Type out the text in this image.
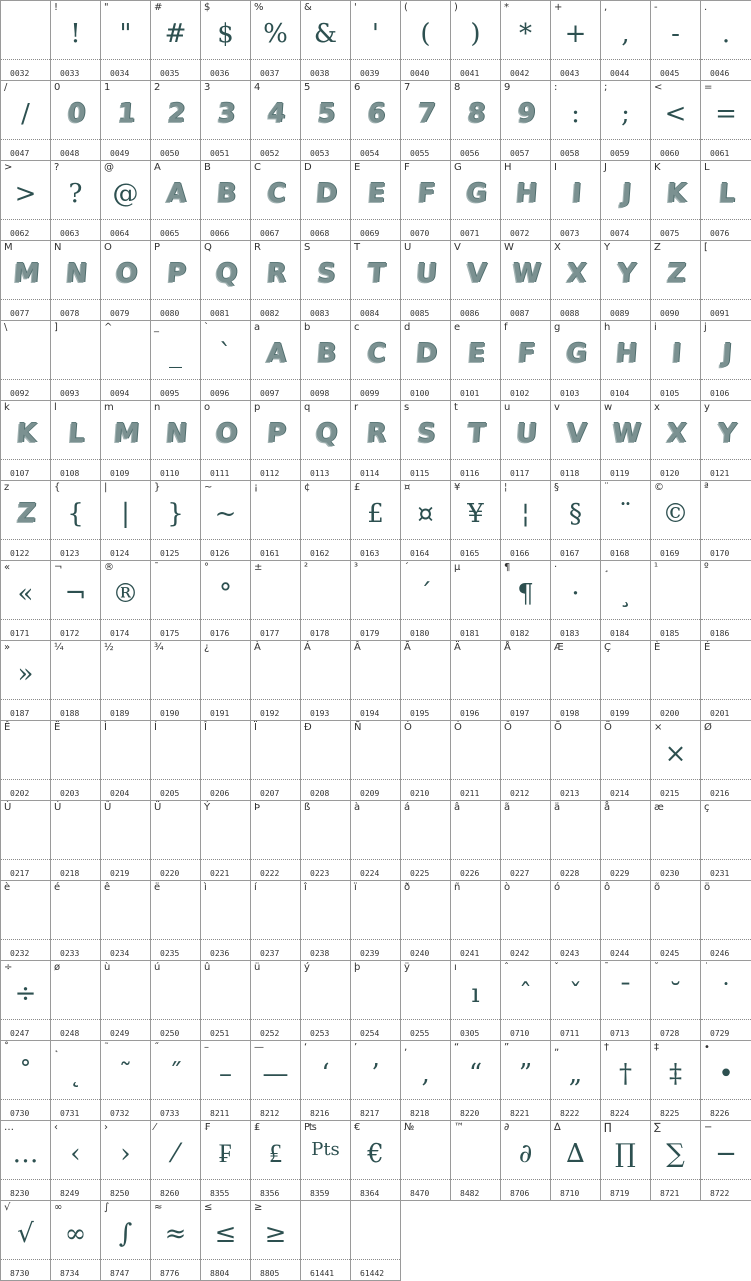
0032
!
!
0033
"
"
0034
#
#
0035
$
$
0036
%
%
0037
&
&
0038
'
'
0039
(
(
0040
)
)
0041
*
*
0042
+
+
0043
,
,
0044
-
-
0045
.
.
0046
/
/
0047
0
0
0048
1
1
0049
2
2
0050
3
3
0051
4
4
0052
5
5
0053
6
6
0054
7
7
0055
8
8
0056
9
9
0057
:
:
0058
;
;
0059
<
<
0060
=
=
0061
>
>
0062
?
?
0063
@
@
0064
A
A
0065
B
B
0066
C
C
0067
D
D
0068
E
E
0069
F
F
0070
G
G
0071
H
H
0072
I
I
0073
J
J
0074
K
K
0075
L
L
0076
M
M
0077
N
N
0078
O
O
0079
P
P
0080
Q
Q
0081
R
R
0082
S
S
0083
T
T
0084
U
U
0085
V
V
0086
W
W
0087
X
X
0088
Y
Y
0089
Z
Z
0090
[
0091
\
0092
]
0093
^
0094
_
_
0095
`
`
0096
a
A
0097
b
B
0098
c
C
0099
d
D
0100
e
E
0101
f
F
0102
g
G
0103
h
H
0104
i
I
0105
j
J
0106
k
K
0107
l
L
0108
m
M
0109
n
N
0110
o
O
0111
p
P
0112
q
Q
0113
r
R
0114
s
S
0115
t
T
0116
u
U
0117
v
V
0118
w
W
0119
x
X
0120
y
Y
0121
z
Z
0122
{
{
0123
|
|
0124
}
}
0125
~
~
0126
¡
0161
¢
0162
£
£
0163
¤
¤
0164
¥
¥
0165
¦
¦
0166
§
§
0167
¨
¨
0168
©
©
0169
ª
0170
«
«
0171
¬
¬
0172
®
®
0174
¯
0175
°
°
0176
±
0177
²
0178
³
0179
´
´
0180
µ
0181
¶
¶
0182
·
·
0183
¸
¸
0184
¹
0185
º
0186
»
»
0187
¼
0188
½
0189
¾
0190
¿
0191
À
0192
Á
0193
Â
0194
Ã
0195
Ä
0196
Å
0197
Æ
0198
Ç
0199
È
0200
É
0201
Ê
0202
Ë
0203
Ì
0204
Í
0205
Î
0206
Ï
0207
Ð
0208
Ñ
0209
Ò
0210
Ó
0211
Ô
0212
Õ
0213
Ö
0214
×
×
0215
Ø
0216
Ù
0217
Ú
0218
Û
0219
Ü
0220
Ý
0221
Þ
0222
ß
0223
à
0224
á
0225
â
0226
ã
0227
ä
0228
å
0229
æ
0230
ç
0231
è
0232
é
0233
ê
0234
ë
0235
ì
0236
í
0237
î
0238
ï
0239
ð
0240
ñ
0241
ò
0242
ó
0243
ô
0244
õ
0245
ö
0246
÷
÷
0247
ø
0248
ù
0249
ú
0250
û
0251
ü
0252
ý
0253
þ
0254
ÿ
0255
ı
ı
0305
ˆ
ˆ
0710
ˇ
ˇ
0711
ˉ
ˉ
0713
˘
˘
0728
˙
˙
0729
˚
˚
0730
˛
˛
0731
˜
˜
0732
˝
˝
0733
–
–
8211
—
—
8212
‘
‘
8216
’
’
8217
‚
‚
8218
“
“
8220
”
”
8221
„
„
8222
†
†
8224
‡
‡
8225
•
•
8226
…
…
8230
‹
‹
8249
›
›
8250
⁄
⁄
8260
₣
₣
8355
₤
₤
8356
₧
Pts
8359
€
€
8364
№
8470
™
8482
∂
∂
8706
∆
∆
8710
∏
∏
8719
∑
∑
8721
−
−
8722
√
√
8730
∞
∞
8734
∫
∫
8747
≈
≈
8776
≤
≤
8804
≥
≥
8805	61441	61442
